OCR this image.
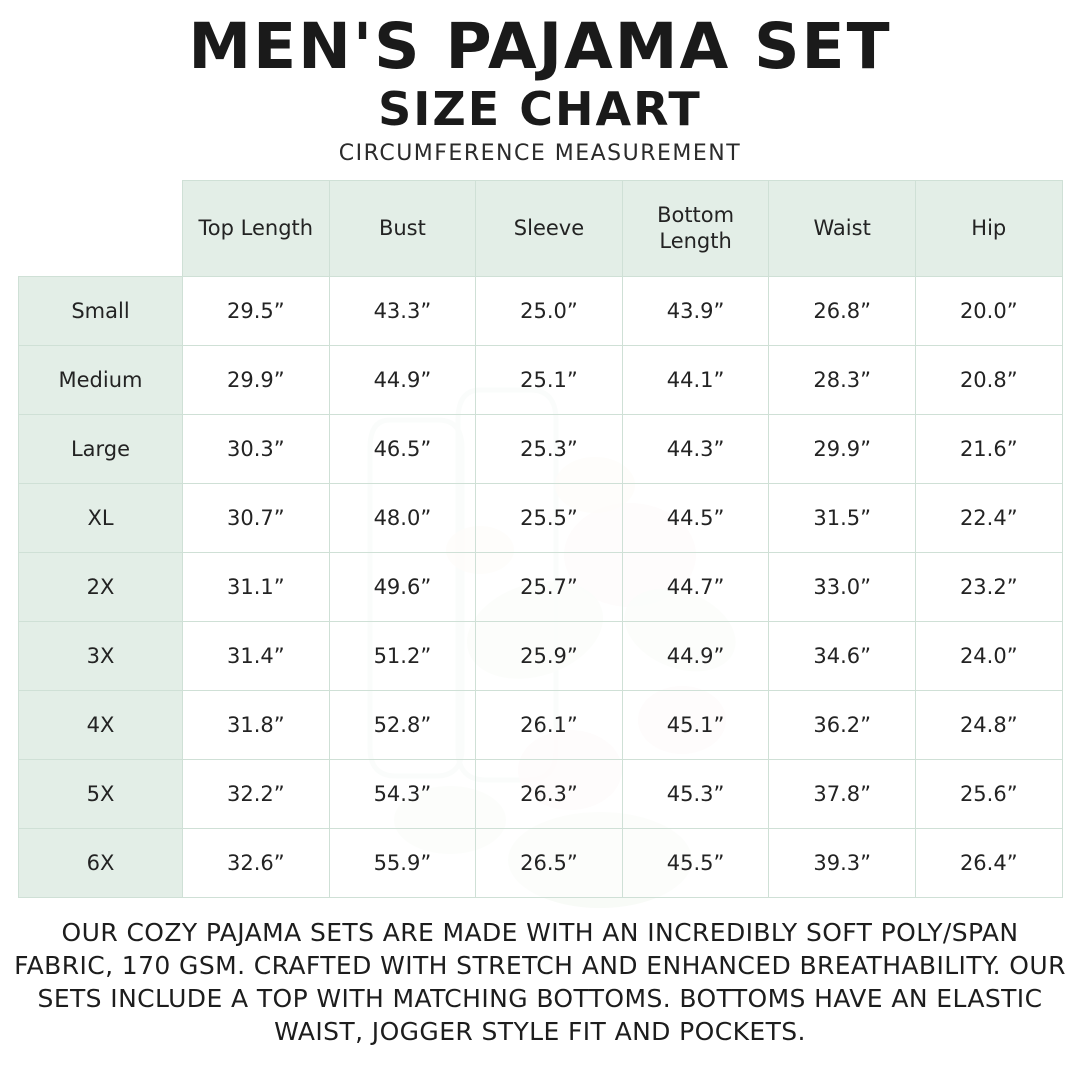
MEN'S PAJAMA SET
SIZE CHART
CIRCUMFERENCE MEASUREMENT
	Top Length	Bust	Sleeve	Bottom Length	Waist	Hip
Small	29.5”	43.3”	25.0”	43.9”	26.8”	20.0”
Medium	29.9”	44.9”	25.1”	44.1”	28.3”	20.8”
Large	30.3”	46.5”	25.3”	44.3”	29.9”	21.6”
XL	30.7”	48.0”	25.5”	44.5”	31.5”	22.4”
2X	31.1”	49.6”	25.7”	44.7”	33.0”	23.2”
3X	31.4”	51.2”	25.9”	44.9”	34.6”	24.0”
4X	31.8”	52.8”	26.1”	45.1”	36.2”	24.8”
5X	32.2”	54.3”	26.3”	45.3”	37.8”	25.6”
6X	32.6”	55.9”	26.5”	45.5”	39.3”	26.4”
OUR COZY PAJAMA SETS ARE MADE WITH AN INCREDIBLY SOFT POLY/SPAN FABRIC, 170 GSM. CRAFTED WITH STRETCH AND ENHANCED BREATHABILITY. OUR SETS INCLUDE A TOP WITH MATCHING BOTTOMS. BOTTOMS HAVE AN ELASTIC WAIST, JOGGER STYLE FIT AND POCKETS.
